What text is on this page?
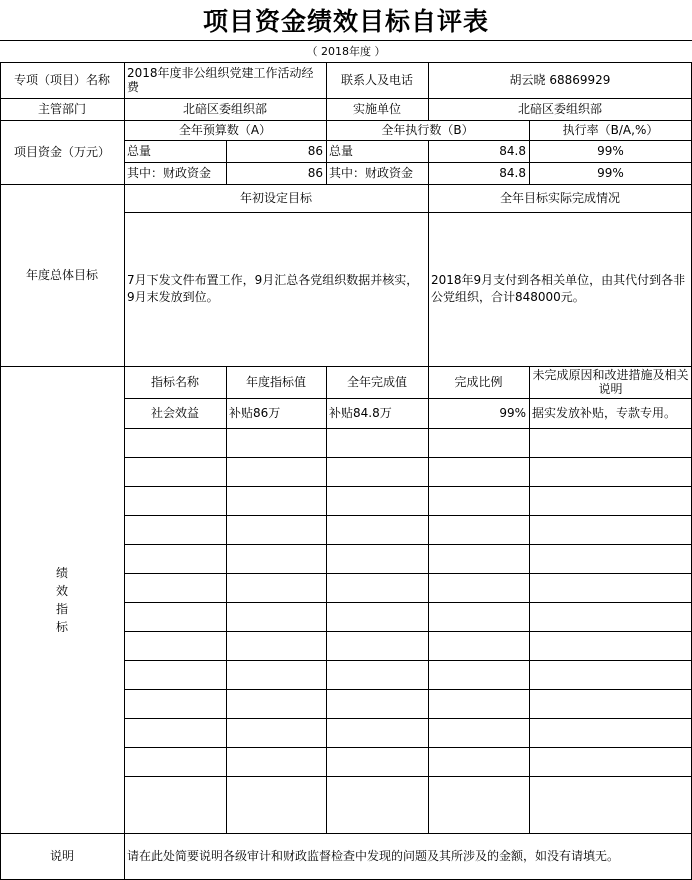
项目资金绩效目标自评表
（ 2018年度 ）
专项（项目）名称	2018年度非公组织党建工作活动经费	联系人及电话	胡云晓 68869929
主管部门	北碚区委组织部	实施单位	北碚区委组织部
项目资金（万元）
全年预算数（A）	全年执行数（B）	执行率（B/A,%）
总量	86 总量	84.8	99%
其中：财政资金	86 其中：财政资金	84.8	99%
年度总体目标
年初设定目标	全年目标实际完成情况
7月下发文件布置工作，9月汇总各党组织数据并核实，9月末发放到位。
2018年9月支付到各相关单位，由其代付到各非公党组织，合计848000元。
绩
效
指
标
指标名称	年度指标值	全年完成值	完成比例	未完成原因和改进措施及相关说明
社会效益	补贴86万	补贴84.8万	99% 据实发放补贴，专款专用。
说明	请在此处简要说明各级审计和财政监督检查中发现的问题及其所涉及的金额，如没有请填无。
